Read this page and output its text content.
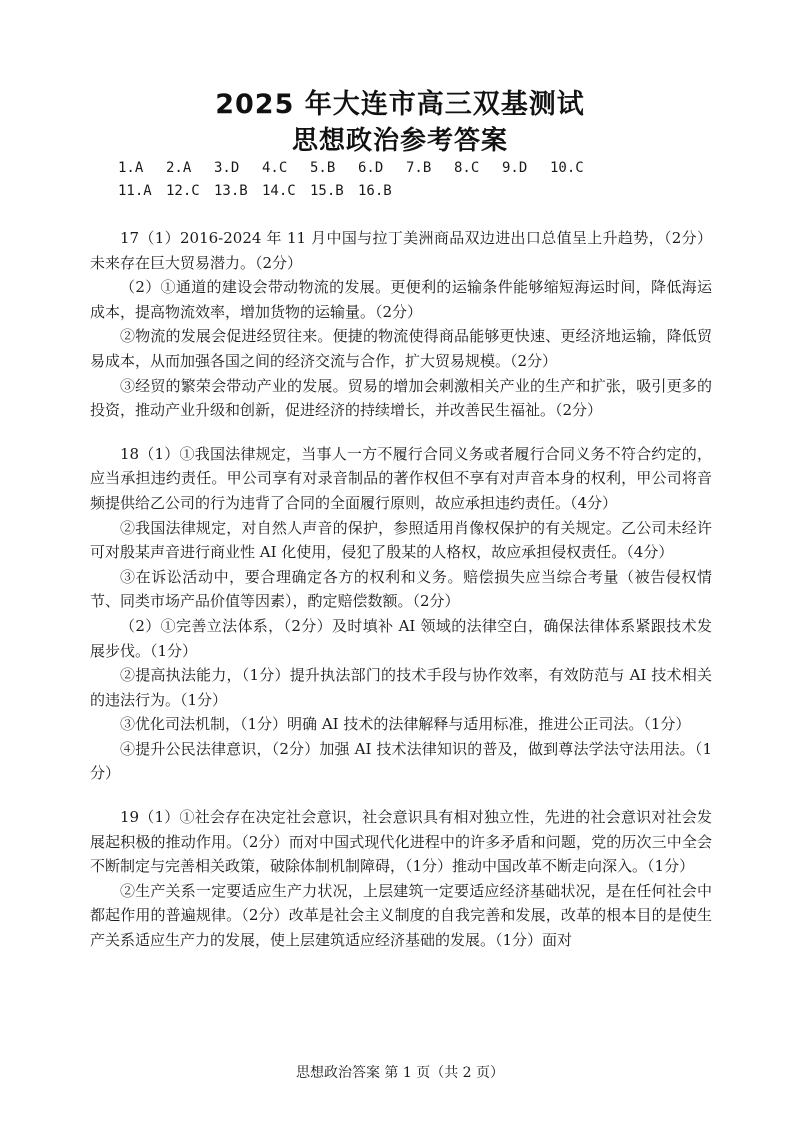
2025 年大连市高三双基测试
思想政治参考答案
1.A 2.A 3.D 4.C 5.B 6.D 7.B 8.C 9.D 10.C
11.A 12.C 13.B 14.C 15.B 16.B

17（1）2016-2024 年 11 月中国与拉丁美洲商品双边进出口总值呈上升趋势，（2分）未来存在巨大贸易潜力。（2分）

（2）①通道的建设会带动物流的发展。更便利的运输条件能够缩短海运时间，降低海运成本，提高物流效率，增加货物的运输量。（2分）

②物流的发展会促进经贸往来。便捷的物流使得商品能够更快速、更经济地运输，降低贸易成本，从而加强各国之间的经济交流与合作，扩大贸易规模。（2分）

③经贸的繁荣会带动产业的发展。贸易的增加会刺激相关产业的生产和扩张，吸引更多的投资，推动产业升级和创新，促进经济的持续增长，并改善民生福祉。（2分）

18（1）①我国法律规定，当事人一方不履行合同义务或者履行合同义务不符合约定的，应当承担违约责任。甲公司享有对录音制品的著作权但不享有对声音本身的权利，甲公司将音频提供给乙公司的行为违背了合同的全面履行原则，故应承担违约责任。（4分）

②我国法律规定，对自然人声音的保护，参照适用肖像权保护的有关规定。乙公司未经许可对殷某声音进行商业性 AI 化使用，侵犯了殷某的人格权，故应承担侵权责任。（4分）

③在诉讼活动中，要合理确定各方的权利和义务。赔偿损失应当综合考量（被告侵权情节、同类市场产品价值等因素），酌定赔偿数额。（2分）

（2）①完善立法体系，（2分）及时填补 AI 领域的法律空白，确保法律体系紧跟技术发展步伐。（1分）

②提高执法能力，（1分）提升执法部门的技术手段与协作效率，有效防范与 AI 技术相关的违法行为。（1分）

③优化司法机制，（1分）明确 AI 技术的法律解释与适用标准，推进公正司法。（1分）

④提升公民法律意识，（2分）加强 AI 技术法律知识的普及，做到尊法学法守法用法。（1分）

19（1）①社会存在决定社会意识，社会意识具有相对独立性，先进的社会意识对社会发展起积极的推动作用。（2分）而对中国式现代化进程中的许多矛盾和问题，党的历次三中全会不断制定与完善相关政策，破除体制机制障碍，（1分）推动中国改革不断走向深入。（1分）

②生产关系一定要适应生产力状况，上层建筑一定要适应经济基础状况，是在任何社会中都起作用的普遍规律。（2分）改革是社会主义制度的自我完善和发展，改革的根本目的是使生产关系适应生产力的发展，使上层建筑适应经济基础的发展。（1分）面对

思想政治答案 第 1 页（共 2 页）
